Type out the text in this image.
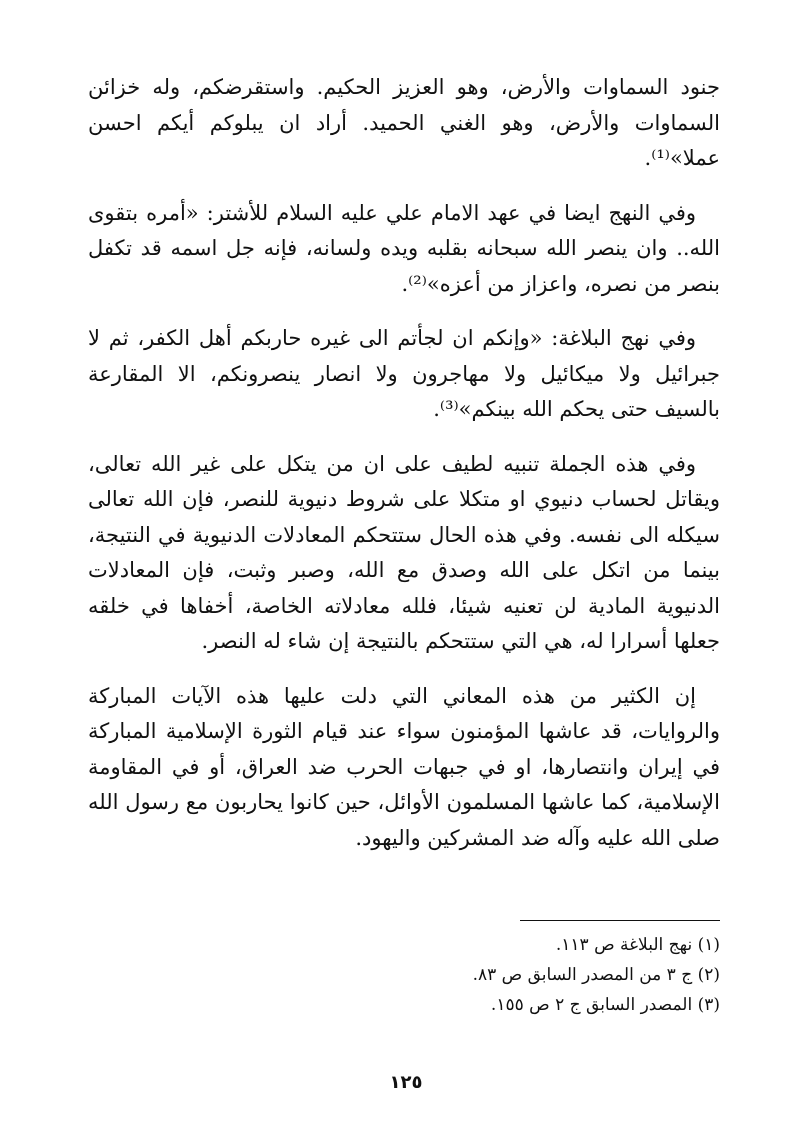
جنود السماوات والأرض، وهو العزيز الحكيم. واستقرضكم، وله خزائن السماوات والأرض، وهو الغني الحميد. أراد ان يبلوكم أيكم احسن عملا»⁽¹⁾.

وفي النهج ايضا في عهد الامام علي عليه السلام للأشتر: «أمره بتقوى الله.. وان ينصر الله سبحانه بقلبه ويده ولسانه، فإنه جل اسمه قد تكفل بنصر من نصره، واعزاز من أعزه»⁽²⁾.

وفي نهج البلاغة: «وإنكم ان لجأتم الى غيره حاربكم أهل الكفر، ثم لا جبرائيل ولا ميكائيل ولا مهاجرون ولا انصار ينصرونكم، الا المقارعة بالسيف حتى يحكم الله بينكم»⁽³⁾.

وفي هذه الجملة تنبيه لطيف على ان من يتكل على غير الله تعالى، ويقاتل لحساب دنيوي او متكلا على شروط دنيوية للنصر، فإن الله تعالى سيكله الى نفسه. وفي هذه الحال ستتحكم المعادلات الدنيوية في النتيجة، بينما من اتكل على الله وصدق مع الله، وصبر وثبت، فإن المعادلات الدنيوية المادية لن تعنيه شيئا، فلله معادلاته الخاصة، أخفاها في خلقه جعلها أسرارا له، هي التي ستتحكم بالنتيجة إن شاء له النصر.

إن الكثير من هذه المعاني التي دلت عليها هذه الآيات المباركة والروايات، قد عاشها المؤمنون سواء عند قيام الثورة الإسلامية المباركة في إيران وانتصارها، او في جبهات الحرب ضد العراق، أو في المقاومة الإسلامية، كما عاشها المسلمون الأوائل، حين كانوا يحاربون مع رسول الله صلى الله عليه وآله ضد المشركين واليهود.

(١) نهج البلاغة ص ١١٣.

(٢) ج ٣ من المصدر السابق ص ٨٣.

(٣) المصدر السابق ج ٢ ص ١٥٥.

١٢٥
